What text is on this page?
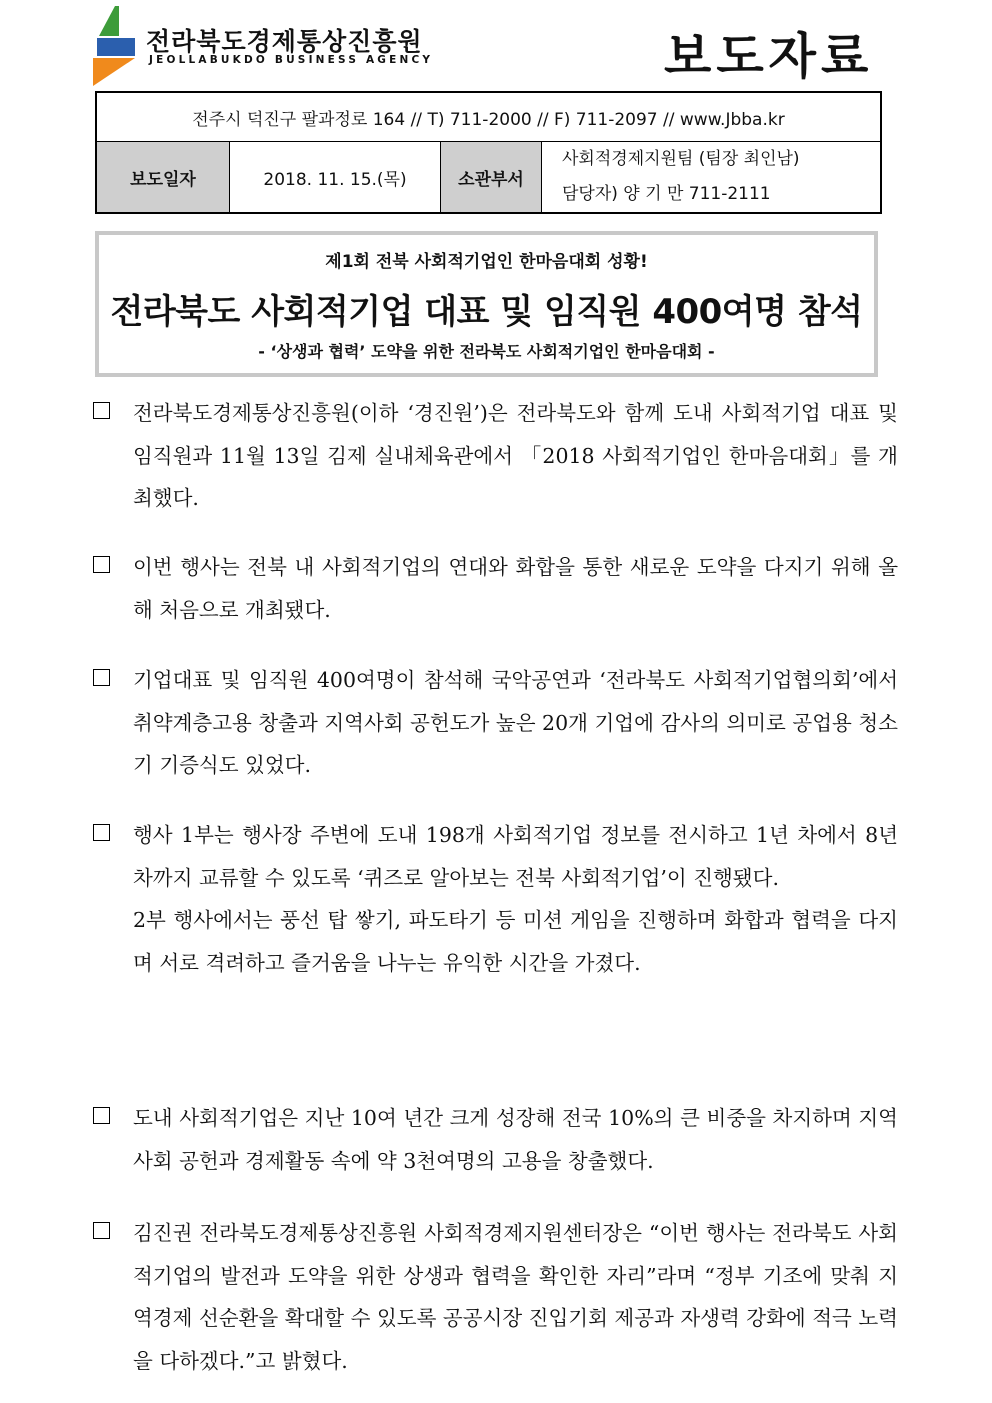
전라북도경제통상진흥원
JEOLLABUKDO BUSINESS AGENCY	보도자료
전주시 덕진구 팔과정로 164 // T) 711-2000 // F) 711-2097 // www.Jbba.kr
보도일자	2018. 11. 15.(목)	소관부서	
사회적경제지원팀 (팀장 최인남)
담당자) 양 기 만 711-2111
제1회 전북 사회적기업인 한마음대회 성황!
전라북도 사회적기업 대표 및 임직원 400여명 참석
- ‘상생과 협력’ 도약을 위한 전라북도 사회적기업인 한마음대회 -
전라북도경제통상진흥원(이하 ‘경진원’)은 전라북도와 함께 도내 사회적기업 대표 및 임직원과 11월 13일 김제 실내체육관에서 「2018 사회적기업인 한마음대회」를 개최했다.
이번 행사는 전북 내 사회적기업의 연대와 화합을 통한 새로운 도약을 다지기 위해 올해 처음으로 개최됐다.
기업대표 및 임직원 400여명이 참석해 국악공연과 ‘전라북도 사회적기업협의회’에서 취약계층고용 창출과 지역사회 공헌도가 높은 20개 기업에 감사의 의미로 공업용 청소기 기증식도 있었다.
행사 1부는 행사장 주변에 도내 198개 사회적기업 정보를 전시하고 1년 차에서 8년 차까지 교류할 수 있도록 ‘퀴즈로 알아보는 전북 사회적기업’이 진행됐다.
2부 행사에서는 풍선 탑 쌓기, 파도타기 등 미션 게임을 진행하며 화합과 협력을 다지며 서로 격려하고 즐거움을 나누는 유익한 시간을 가졌다.
도내 사회적기업은 지난 10여 년간 크게 성장해 전국 10%의 큰 비중을 차지하며 지역사회 공헌과 경제활동 속에 약 3천여명의 고용을 창출했다.
김진권 전라북도경제통상진흥원 사회적경제지원센터장은 “이번 행사는 전라북도 사회적기업의 발전과 도약을 위한 상생과 협력을 확인한 자리”라며 “정부 기조에 맞춰 지역경제 선순환을 확대할 수 있도록 공공시장 진입기회 제공과 자생력 강화에 적극 노력을 다하겠다.”고 밝혔다.
